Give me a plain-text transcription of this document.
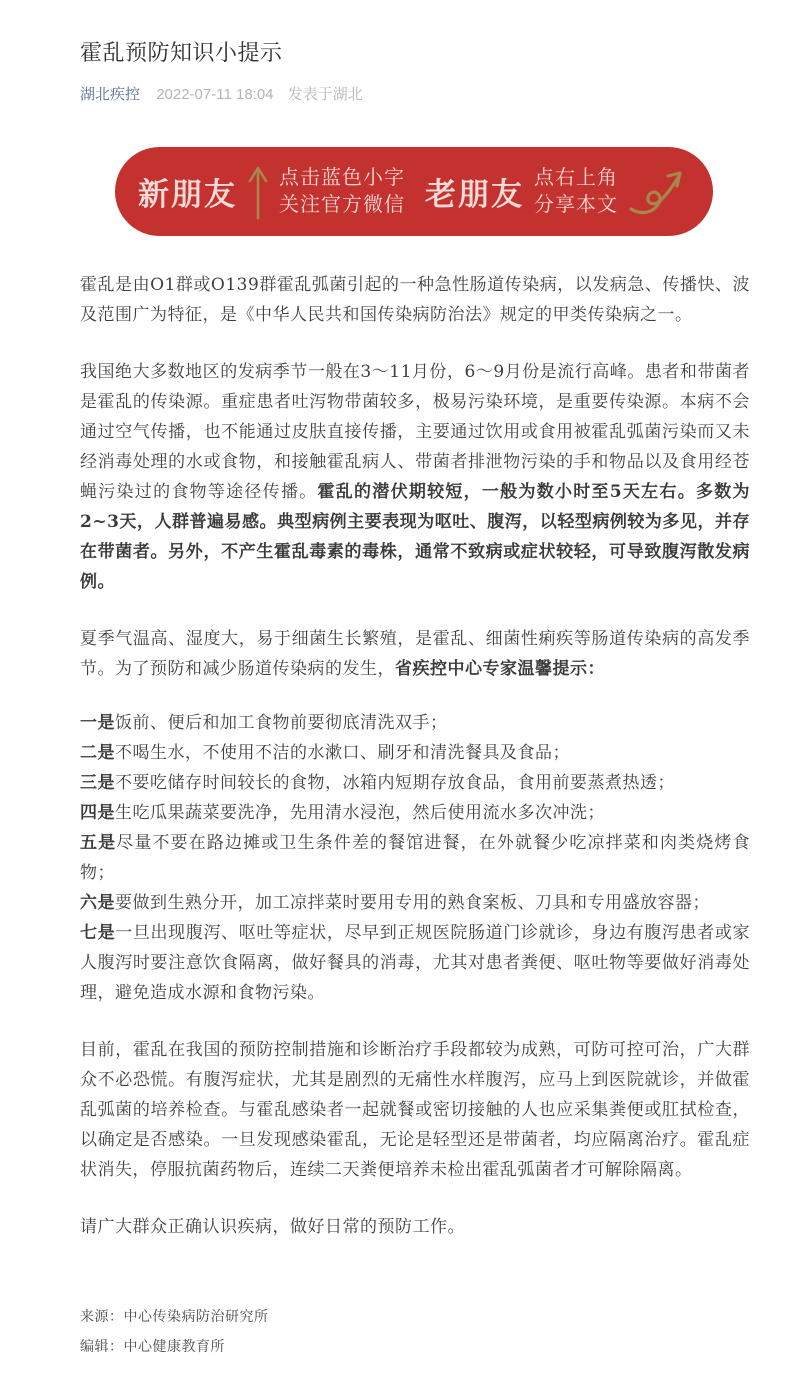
霍乱预防知识小提示
湖北疾控 2022-07-11 18:04 发表于湖北
新朋友 点击蓝色小字
关注官方微信 老朋友 点右上角
分享本文

霍乱是由O1群或O139群霍乱弧菌引起的一种急性肠道传染病，以发病急、传播快、波及范围广为特征，是《中华人民共和国传染病防治法》规定的甲类传染病之一。

我国绝大多数地区的发病季节一般在3～11月份，6～9月份是流行高峰。患者和带菌者是霍乱的传染源。重症患者吐泻物带菌较多，极易污染环境，是重要传染源。本病不会通过空气传播，也不能通过皮肤直接传播，主要通过饮用或食用被霍乱弧菌污染而又未经消毒处理的水或食物，和接触霍乱病人、带菌者排泄物污染的手和物品以及食用经苍蝇污染过的食物等途径传播。霍乱的潜伏期较短，一般为数小时至5天左右。多数为2~3天，人群普遍易感。典型病例主要表现为呕吐、腹泻，以轻型病例较为多见，并存在带菌者。另外，不产生霍乱毒素的毒株，通常不致病或症状较轻，可导致腹泻散发病例。

夏季气温高、湿度大，易于细菌生长繁殖，是霍乱、细菌性痢疾等肠道传染病的高发季节。为了预防和减少肠道传染病的发生，省疾控中心专家温馨提示：

一是饭前、便后和加工食物前要彻底清洗双手；

二是不喝生水，不使用不洁的水漱口、刷牙和清洗餐具及食品；

三是不要吃储存时间较长的食物，冰箱内短期存放食品，食用前要蒸煮热透；

四是生吃瓜果蔬菜要洗净，先用清水浸泡，然后使用流水多次冲洗；

五是尽量不要在路边摊或卫生条件差的餐馆进餐，在外就餐少吃凉拌菜和肉类烧烤食物；

六是要做到生熟分开，加工凉拌菜时要用专用的熟食案板、刀具和专用盛放容器；

七是一旦出现腹泻、呕吐等症状，尽早到正规医院肠道门诊就诊，身边有腹泻患者或家人腹泻时要注意饮食隔离，做好餐具的消毒，尤其对患者粪便、呕吐物等要做好消毒处理，避免造成水源和食物污染。

目前，霍乱在我国的预防控制措施和诊断治疗手段都较为成熟，可防可控可治，广大群众不必恐慌。有腹泻症状，尤其是剧烈的无痛性水样腹泻，应马上到医院就诊，并做霍乱弧菌的培养检查。与霍乱感染者一起就餐或密切接触的人也应采集粪便或肛拭检查，以确定是否感染。一旦发现感染霍乱，无论是轻型还是带菌者，均应隔离治疗。霍乱症状消失，停服抗菌药物后，连续二天粪便培养未检出霍乱弧菌者才可解除隔离。

请广大群众正确认识疾病，做好日常的预防工作。

来源：中心传染病防治研究所

编辑：中心健康教育所
